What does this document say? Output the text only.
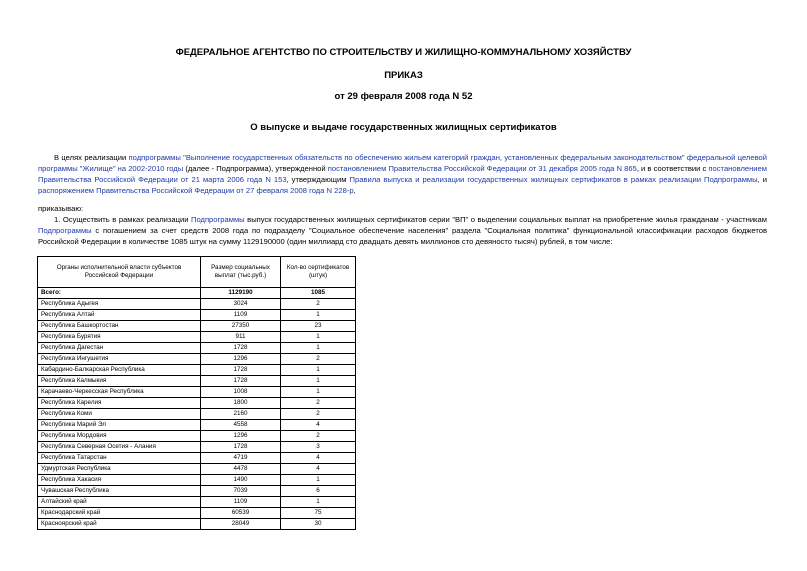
ФЕДЕРАЛЬНОЕ АГЕНТСТВО ПО СТРОИТЕЛЬСТВУ И ЖИЛИЩНО-КОММУНАЛЬНОМУ ХОЗЯЙСТВУ
ПРИКАЗ
от 29 февраля 2008 года N 52
О выпуске и выдаче государственных жилищных сертификатов
В целях реализации подпрограммы "Выполнение государственных обязательств по обеспечению жильем категорий граждан, установленных федеральным законодательством" федеральной целевой программы "Жилище" на 2002-2010 годы (далее - Подпрограмма), утвержденной постановлением Правительства Российской Федерации от 31 декабря 2005 года N 865, и в соответствии с постановлением Правительства Российской Федерации от 21 марта 2006 года N 153, утверждающим Правила выпуска и реализации государственных жилищных сертификатов в рамках реализации Подпрограммы, и распоряжением Правительства Российской Федерации от 27 февраля 2008 года N 228-р,
приказываю:
1. Осуществить в рамках реализации Подпрограммы выпуск государственных жилищных сертификатов серии "ВП" о выделении социальных выплат на приобретение жилья гражданам - участникам Подпрограммы с погашением за счет средств 2008 года по подразделу "Социальное обеспечение населения" раздела "Социальная политика" функциональной классификации расходов бюджетов Российской Федерации в количестве 1085 штук на сумму 1129190000 (один миллиард сто двадцать девять миллионов сто девяносто тысяч) рублей, в том числе:
Органы исполнительной власти субъектов Российской Федерации	Размер социальных выплат (тыс.руб.)	Кол-во сертификатов (штук)
Всего:	1129190	1085
Республика Адыгея	3024	2
Республика Алтай	1109	1
Республика Башкортостан	27350	23
Республика Бурятия	911	1
Республика Дагестан	1728	1
Республика Ингушетия	1296	2
Кабардино-Балкарская Республика	1728	1
Республика Калмыкия	1728	1
Карачаево-Черкесская Республика	1008	1
Республика Карелия	1800	2
Республика Коми	2160	2
Республика Марий Эл	4558	4
Республика Мордовия	1296	2
Республика Северная Осетия - Алания	1728	3
Республика Татарстан	4719	4
Удмуртская Республика	4478	4
Республика Хакасия	1490	1
Чувашская Республика	7039	6
Алтайский край	1109	1
Краснодарский край	60539	75
Красноярский край	28049	30
